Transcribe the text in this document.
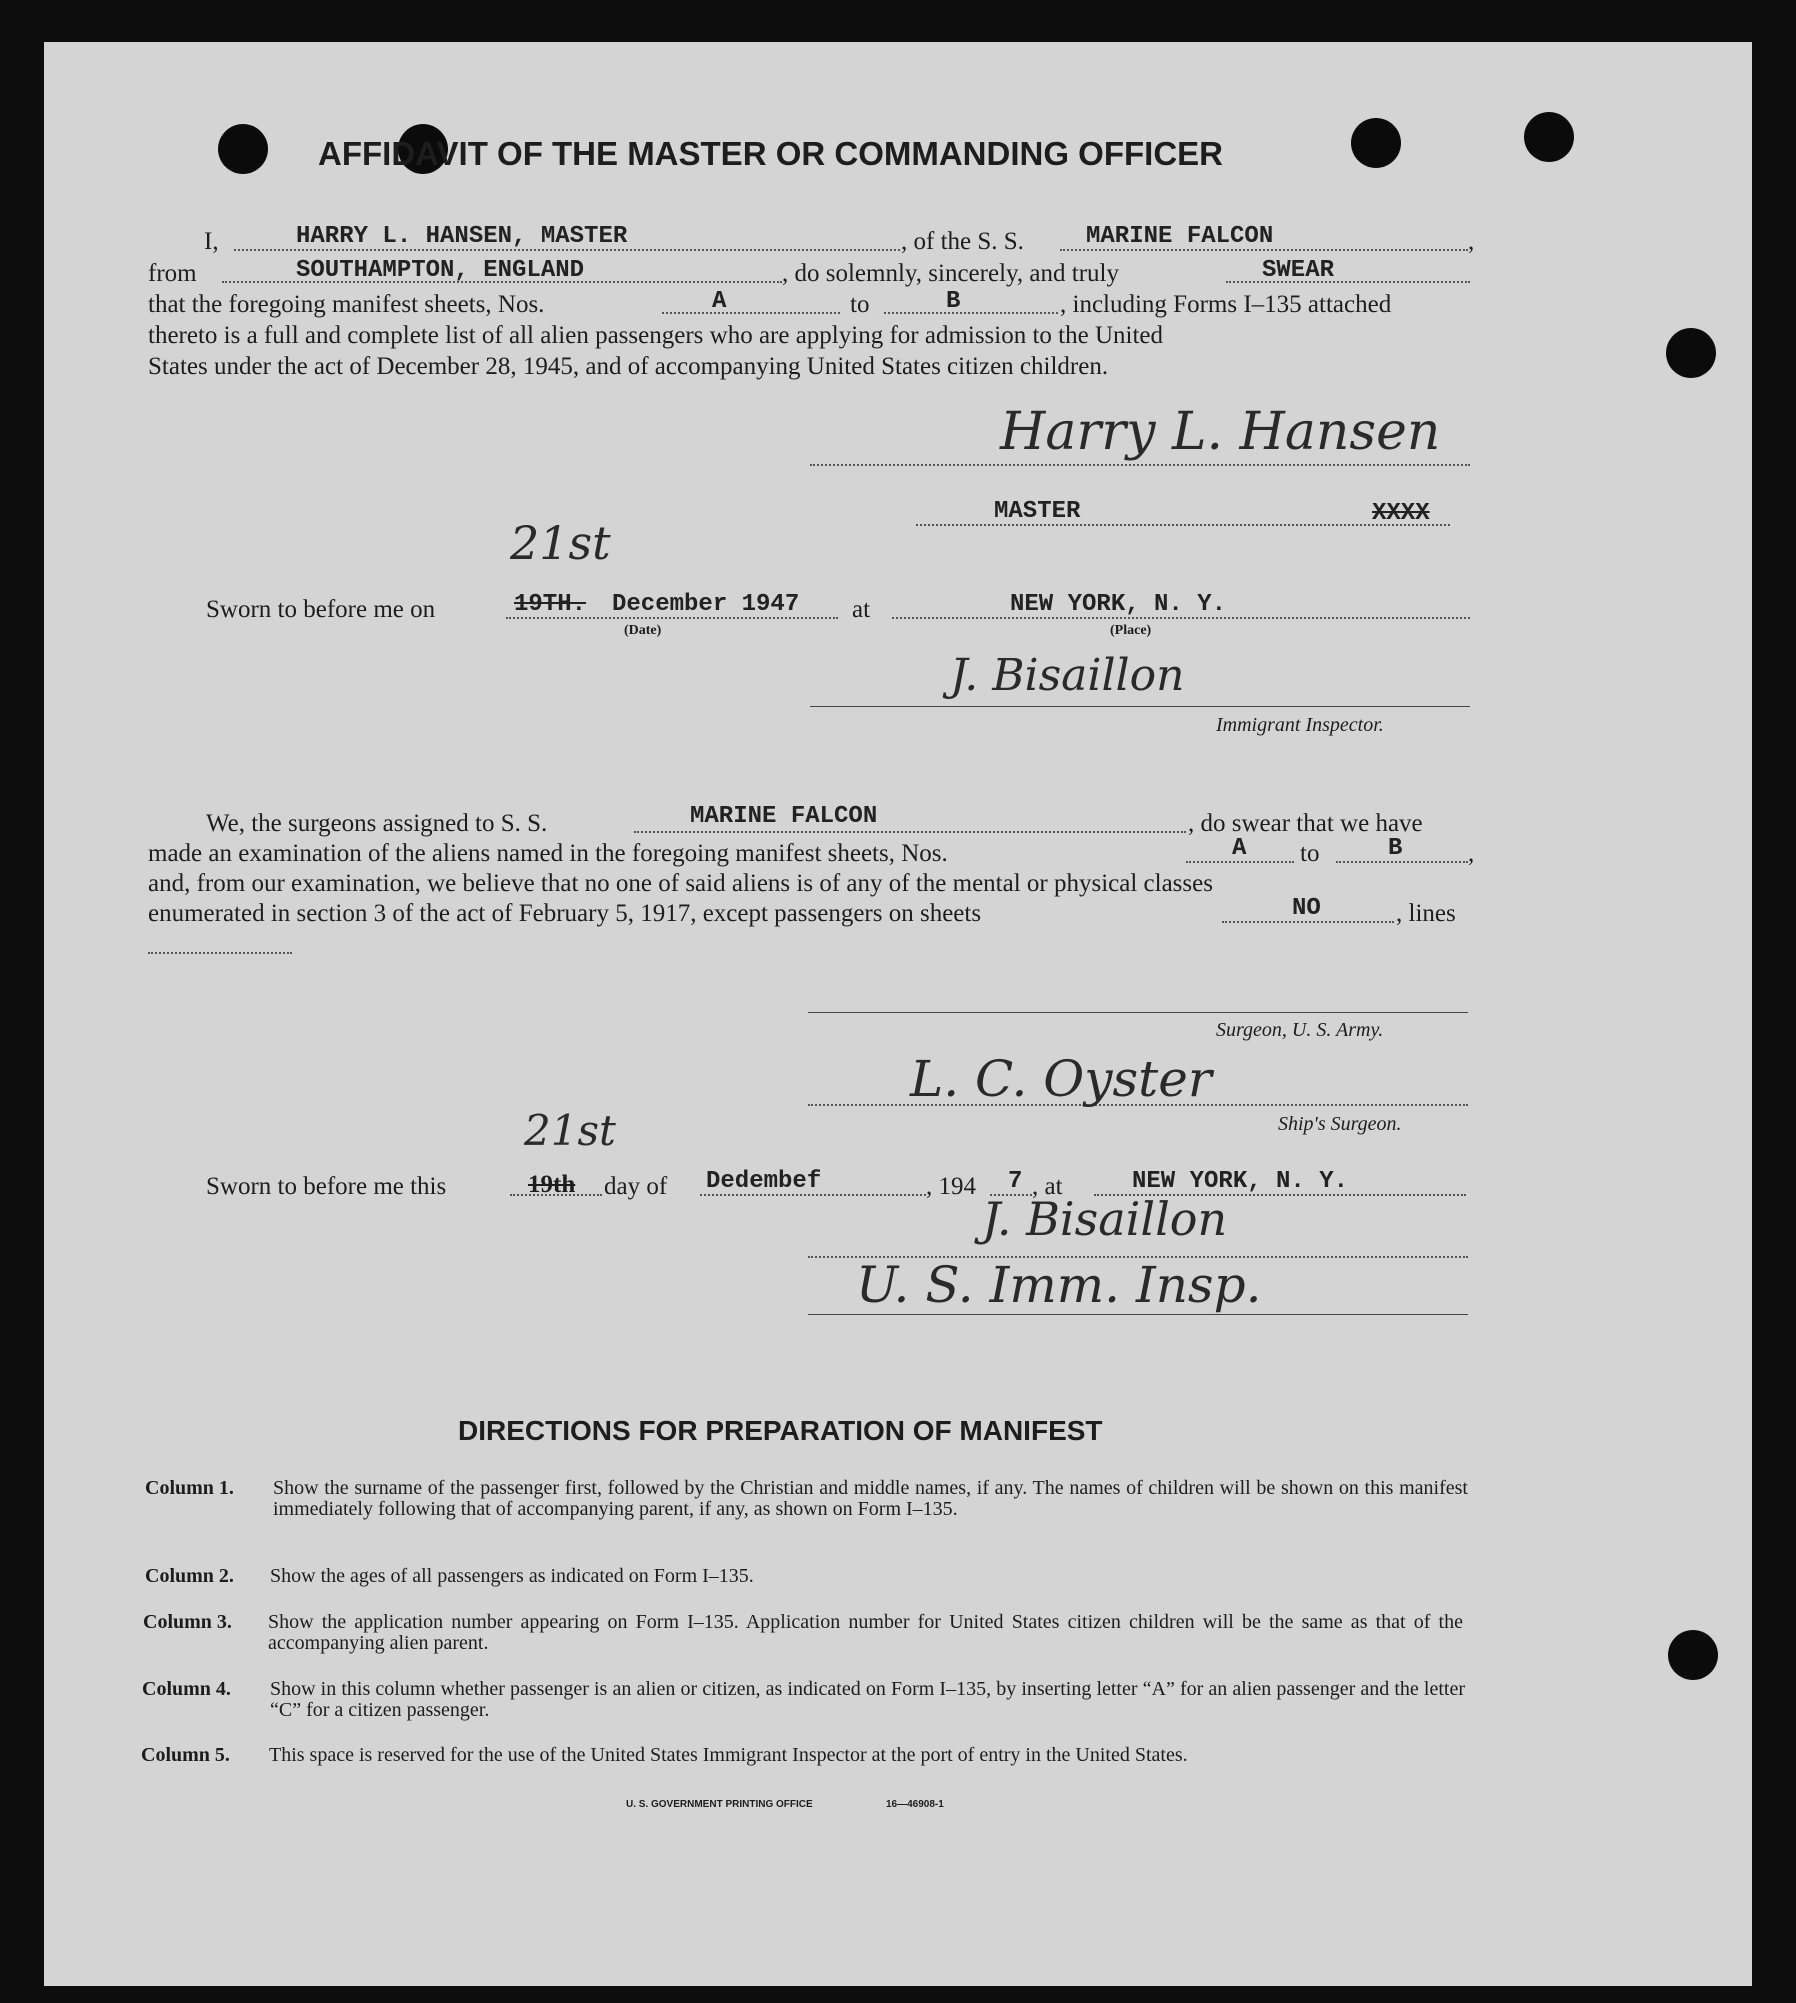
AFFIDAVIT OF THE MASTER OR COMMANDING OFFICER
I,	HARRY L. HANSEN, MASTER	, of the S. S.	MARINE FALCON	,
from	SOUTHAMPTON, ENGLAND	, do solemnly, sincerely, and truly	SWEAR
that the foregoing manifest sheets, Nos.	A	to	B	, including Forms I–135 attached
thereto is a full and complete list of all alien passengers who are applying for admission to the United
States under the act of December 28, 1945, and of accompanying United States citizen children.
Harry L. Hansen
MASTER	XXXX
Sworn to before me on	19TH.
21st
December 1947
(Date)
at	NEW YORK, N. Y.
(Place)
J. Bisaillon
Immigrant Inspector.
We, the surgeons assigned to S. S.	MARINE FALCON	, do swear that we have
made an examination of the aliens named in the foregoing manifest sheets, Nos.	A to	B	,
and, from our examination, we believe that no one of said aliens is of any of the mental or physical classes
enumerated in section 3 of the act of February 5, 1917, except passengers on sheets	NO	, lines
Surgeon, U. S. Army.
L. C. Oyster
Ship's Surgeon.
Sworn to before me this	19th
21st
day of Dedembef	, 194 7 , at	NEW YORK, N. Y.
J. Bisaillon
U. S. Imm. Insp.
DIRECTIONS FOR PREPARATION OF MANIFEST
Column 1. Show the surname of the passenger first, followed by the Christian and middle names, if any. The names of children will be shown on this manifest immediately following that of accompanying parent, if any, as shown on Form I–135.
Column 2. Show the ages of all passengers as indicated on Form I–135.
Column 3. Show the application number appearing on Form I–135. Application number for United States citizen children will be the same as that of the accompanying alien parent.
Column 4. Show in this column whether passenger is an alien or citizen, as indicated on Form I–135, by inserting letter “A” for an alien passenger and the letter “C” for a citizen passenger.
Column 5. This space is reserved for the use of the United States Immigrant Inspector at the port of entry in the United States.
U. S. GOVERNMENT PRINTING OFFICE	16—46908-1
